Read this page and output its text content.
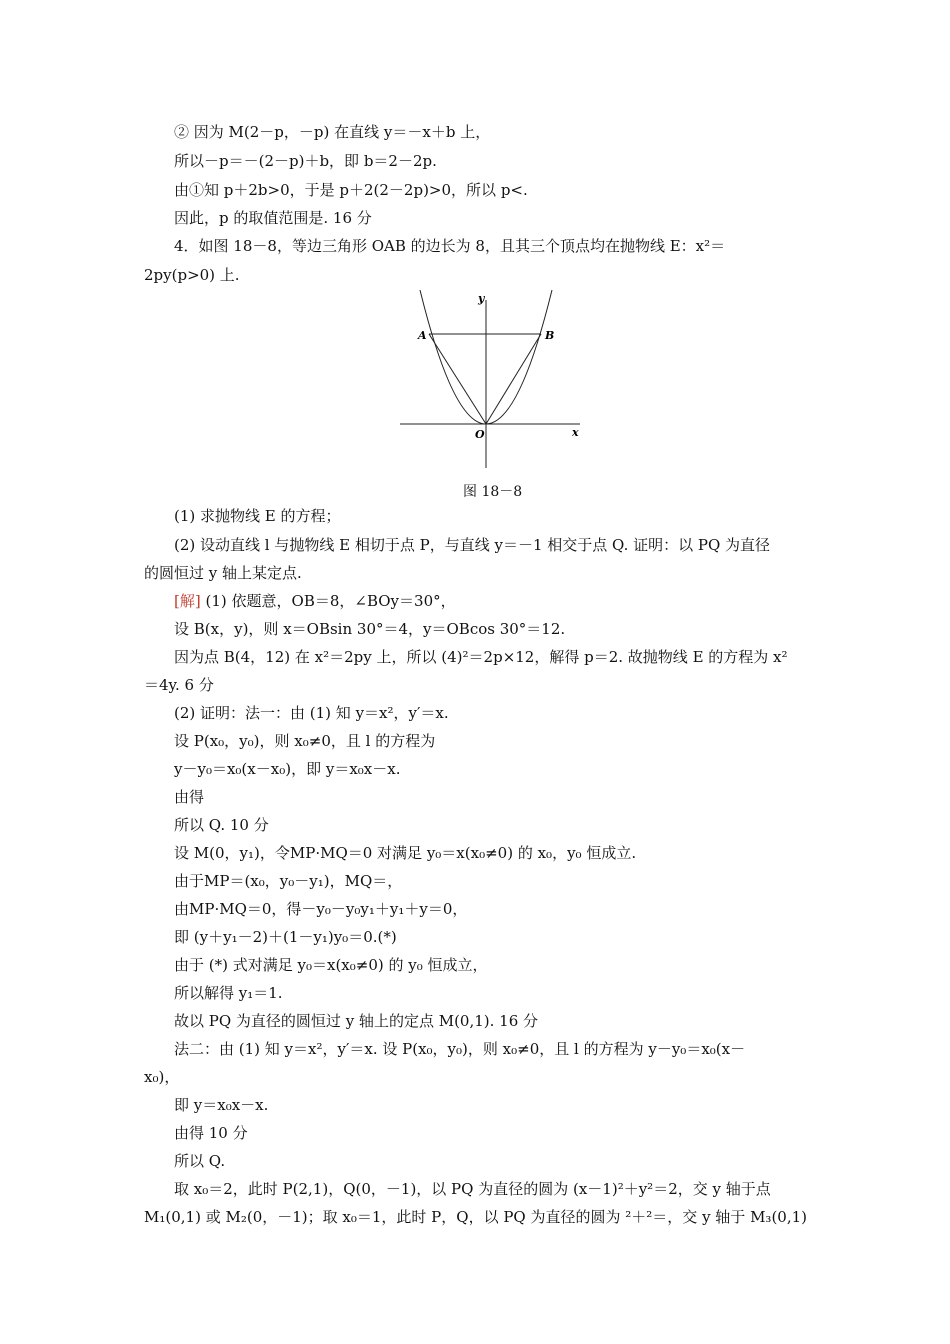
② 因为 M(2－p，－p) 在直线 y＝－x＋b 上，
所以－p＝－(2－p)＋b，即 b＝2－2p.
由①知 p＋2b>0，于是 p＋2(2－2p)>0，所以 p<.
因此，p 的取值范围是. 16 分
4．如图 18－8，等边三角形 OAB 的边长为 8，且其三个顶点均在抛物线 E：x²＝
2py(p>0) 上.
(1) 求抛物线 E 的方程；
(2) 设动直线 l 与抛物线 E 相切于点 P，与直线 y＝－1 相交于点 Q. 证明：以 PQ 为直径
的圆恒过 y 轴上某定点.
[解] (1) 依题意，OB＝8，∠BOy＝30°，
设 B(x，y)，则 x＝OBsin 30°＝4，y＝OBcos 30°＝12.
因为点 B(4，12) 在 x²＝2py 上，所以 (4)²＝2p×12，解得 p＝2. 故抛物线 E 的方程为 x²
＝4y. 6 分
(2) 证明：法一：由 (1) 知 y＝x²，y′＝x.
设 P(x₀，y₀)，则 x₀≠0，且 l 的方程为
y－y₀＝x₀(x－x₀)，即 y＝x₀x－x.
由得
所以 Q. 10 分
设 M(0，y₁)，令MP·MQ＝0 对满足 y₀＝x(x₀≠0) 的 x₀，y₀ 恒成立.
由于MP＝(x₀，y₀－y₁)，MQ＝，
由MP·MQ＝0，得－y₀－y₀y₁＋y₁＋y＝0，
即 (y＋y₁－2)＋(1－y₁)y₀＝0.(*)
由于 (*) 式对满足 y₀＝x(x₀≠0) 的 y₀ 恒成立，
所以解得 y₁＝1.
故以 PQ 为直径的圆恒过 y 轴上的定点 M(0,1). 16 分
法二：由 (1) 知 y＝x²，y′＝x. 设 P(x₀，y₀)，则 x₀≠0，且 l 的方程为 y－y₀＝x₀(x－
x₀)，
即 y＝x₀x－x.
由得 10 分
所以 Q.
取 x₀＝2，此时 P(2,1)，Q(0，－1)，以 PQ 为直径的圆为 (x－1)²＋y²＝2，交 y 轴于点
M₁(0,1) 或 M₂(0，－1)；取 x₀＝1，此时 P，Q，以 PQ 为直径的圆为 ²＋²＝，交 y 轴于 M₃(0,1)
A	B
O	x
y
图 18－8
